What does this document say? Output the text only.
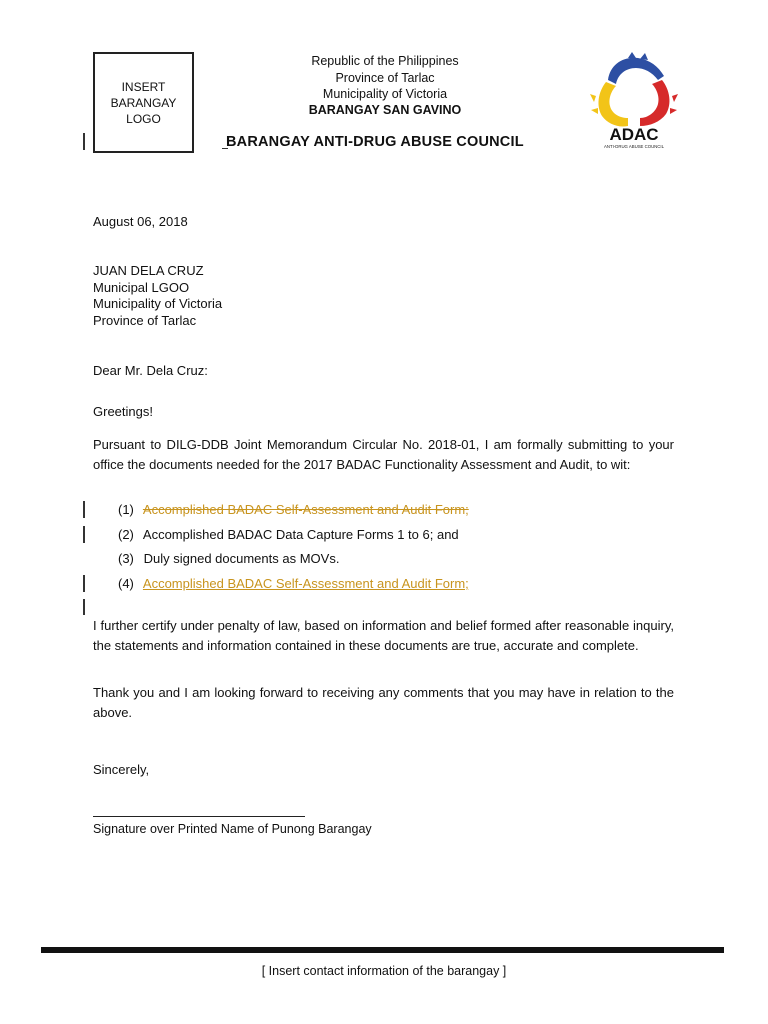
INSERT
BARANGAY
LOGO
Republic of the Philippines
Province of Tarlac
Municipality of Victoria
BARANGAY SAN GAVINO
BARANGAY ANTI-DRUG ABUSE COUNCIL	ADAC
ANTI-DRUG ABUSE COUNCIL
August 06, 2018
JUAN DELA CRUZ
Municipal LGOO
Municipality of Victoria
Province of Tarlac
Dear Mr. Dela Cruz:
Greetings!
Pursuant to DILG-DDB Joint Memorandum Circular No. 2018-01, I am formally submitting to your office the documents needed for the 2017 BADAC Functionality Assessment and Audit, to wit:
(1) Accomplished BADAC Self-Assessment and Audit Form;
(2) Accomplished BADAC Data Capture Forms 1 to 6; and
(3) Duly signed documents as MOVs.
(4) Accomplished BADAC Self-Assessment and Audit Form;
I further certify under penalty of law, based on information and belief formed after reasonable inquiry, the statements and information contained in these documents are true, accurate and complete.
Thank you and I am looking forward to receiving any comments that you may have in relation to the above.
Sincerely,
Signature over Printed Name of Punong Barangay
[ Insert contact information of the barangay ]
